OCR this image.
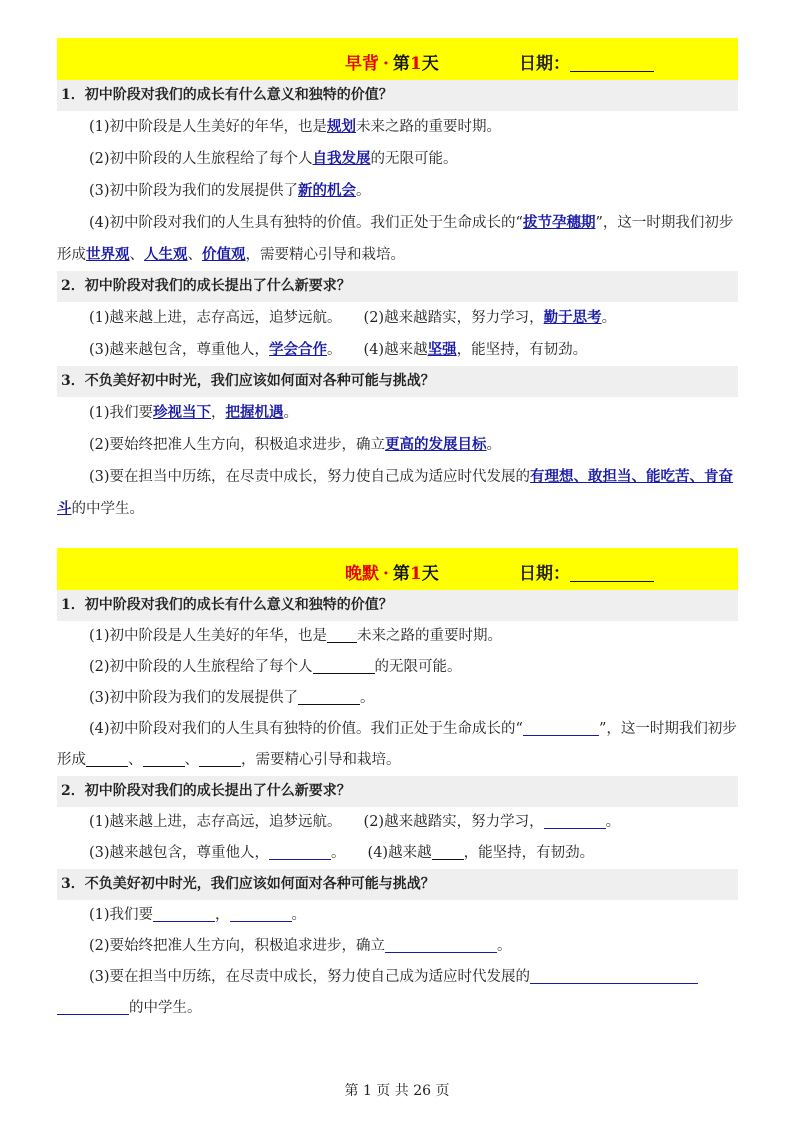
早背 · 第1天	日期：
1．初中阶段对我们的成长有什么意义和独特的价值？
(1)初中阶段是人生美好的年华，也是规划未来之路的重要时期。
(2)初中阶段的人生旅程给了每个人自我发展的无限可能。
(3)初中阶段为我们的发展提供了新的机会。
(4)初中阶段对我们的人生具有独特的价值。我们正处于生命成长的“拔节孕穗期”，这一时期我们初步形成世界观、人生观、价值观，需要精心引导和栽培。
2．初中阶段对我们的成长提出了什么新要求？
(1)越来越上进，志存高远，追梦远航。 (2)越来越踏实，努力学习，勤于思考。
(3)越来越包含，尊重他人，学会合作。 (4)越来越坚强，能坚持，有韧劲。
3．不负美好初中时光，我们应该如何面对各种可能与挑战？
(1)我们要珍视当下，把握机遇。
(2)要始终把准人生方向，积极追求进步，确立更高的发展目标。
(3)要在担当中历练，在尽责中成长，努力使自己成为适应时代发展的有理想、敢担当、能吃苦、肯奋斗的中学生。
晚默 · 第1天	日期：
1．初中阶段对我们的成长有什么意义和独特的价值？
(1)初中阶段是人生美好的年华，也是 未来之路的重要时期。
(2)初中阶段的人生旅程给了每个人	的无限可能。
(3)初中阶段为我们的发展提供了	。
(4)初中阶段对我们的人生具有独特的价值。我们正处于生命成长的“	”，这一时期我们初步形成	、	、	，需要精心引导和栽培。
2．初中阶段对我们的成长提出了什么新要求？
(1)越来越上进，志存高远，追梦远航。 (2)越来越踏实，努力学习，	。
(3)越来越包含，尊重他人，	。 (4)越来越 ，能坚持，有韧劲。
3．不负美好初中时光，我们应该如何面对各种可能与挑战？
(1)我们要	，	。
(2)要始终把准人生方向，积极追求进步，确立	。
(3)要在担当中历练，在尽责中成长，努力使自己成为适应时代发展的的中学生。
第 1 页 共 26 页
